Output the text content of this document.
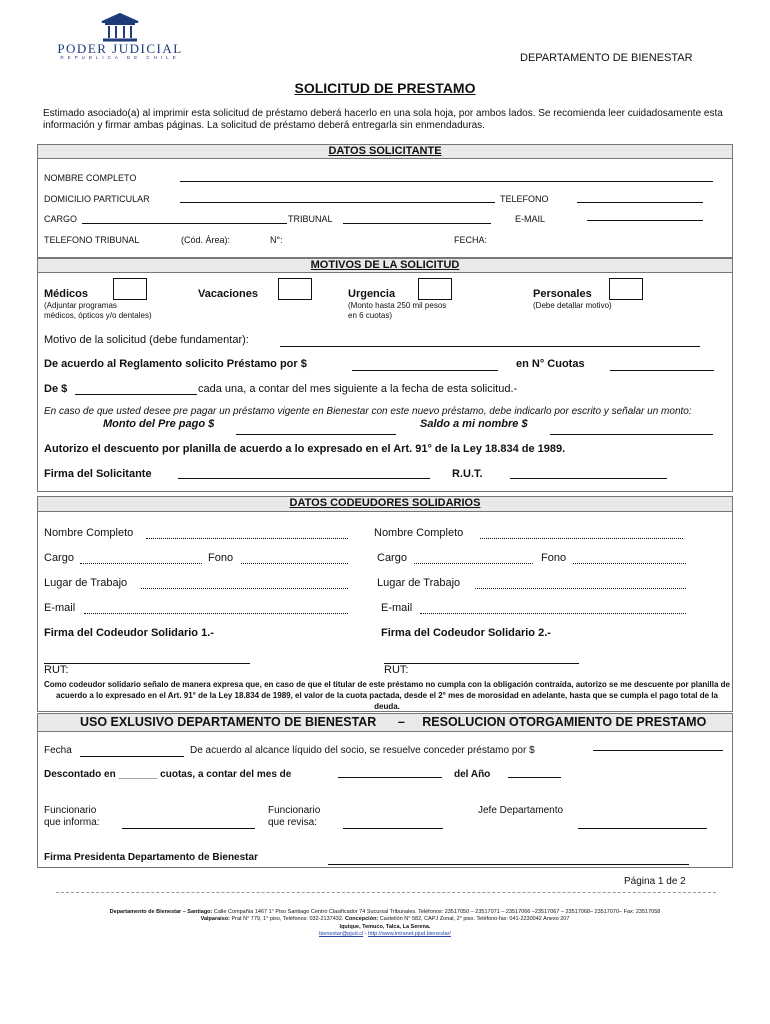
PODER JUDICIAL
REPUBLICA DE CHILE	DEPARTAMENTO DE BIENESTAR
SOLICITUD DE PRESTAMO
Estimado asociado(a) al imprimir esta solicitud de préstamo deberá hacerlo en una sola hoja, por ambos lados. Se recomienda leer cuidadosamente esta información y firmar ambas páginas. La solicitud de préstamo deberá entregarla sin enmendaduras.
DATOS SOLICITANTE
NOMBRE COMPLETO
DOMICILIO PARTICULAR	TELEFONO
CARGO	TRIBUNAL	E-MAIL
TELEFONO TRIBUNAL	(Cód. Área):	N°:	FECHA:
MOTIVOS DE LA SOLICITUD
Médicos
(Adjuntar programas
médicos, ópticos y/o dentales)
Vacaciones	Urgencia
(Monto hasta 250 mil pesos
en 6 cuotas)
Personales
(Debe detallar motivo)
Motivo de la solicitud (debe fundamentar):
De acuerdo al Reglamento solicito Préstamo por $	en N° Cuotas
De $	cada una, a contar del mes siguiente a la fecha de esta solicitud.-
En caso de que usted desee pre pagar un préstamo vigente en Bienestar con este nuevo préstamo, debe indicarlo por escrito y señalar un monto:
Monto del Pre pago $	Saldo a mi nombre $
Autorizo el descuento por planilla de acuerdo a lo expresado en el Art. 91° de la Ley 18.834 de 1989.
Firma del Solicitante	R.U.T.
DATOS CODEUDORES SOLIDARIOS
Nombre Completo
Cargo	Fono
Lugar de Trabajo
E-mail
Firma del Codeudor Solidario 1.-
RUT:
Nombre Completo
Cargo	Fono
Lugar de Trabajo
E-mail
Firma del Codeudor Solidario 2.-
RUT:
Como codeudor solidario señalo de manera expresa que, en caso de que el titular de este préstamo no cumpla con la obligación contraída, autorizo se me descuente por planilla de acuerdo a lo expresado en el Art. 91° de la Ley 18.834 de 1989, el valor de la cuota pactada, desde el 2° mes de morosidad en adelante, hasta que se cumpla el pago total de la deuda.
USO EXLUSIVO DEPARTAMENTO DE BIENESTAR – RESOLUCION OTORGAMIENTO DE PRESTAMO
Fecha	De acuerdo al alcance líquido del socio, se resuelve conceder préstamo por $
Descontado en _______ cuotas, a contar del mes de	del Año
Funcionario
que informa:
Funcionario
que revisa:
Jefe Departamento
Firma Presidenta Departamento de Bienestar
Página 1 de 2
Departamento de Bienestar – Santiago: Calle Compañía 1467 1° Piso Santiago Centro Clasificador 74 Sucursal Tribunales. Teléfonos: 23517050 – 23517071 – 23517066 –23517067 – 23517068– 23517070– Fax: 23517058
Valparaíso: Prat N° 779, 1° piso, Teléfonos: 032-2137432. Concepción: Castellón N° 582, CAPJ Zonal, 2° piso. Teléfono-fax: 041-2230042 Anexo 207
Iquique, Temuco, Talca, La Serena.
bienestar@pjud.cl - http://www.intranet.pjud.bienestar/
